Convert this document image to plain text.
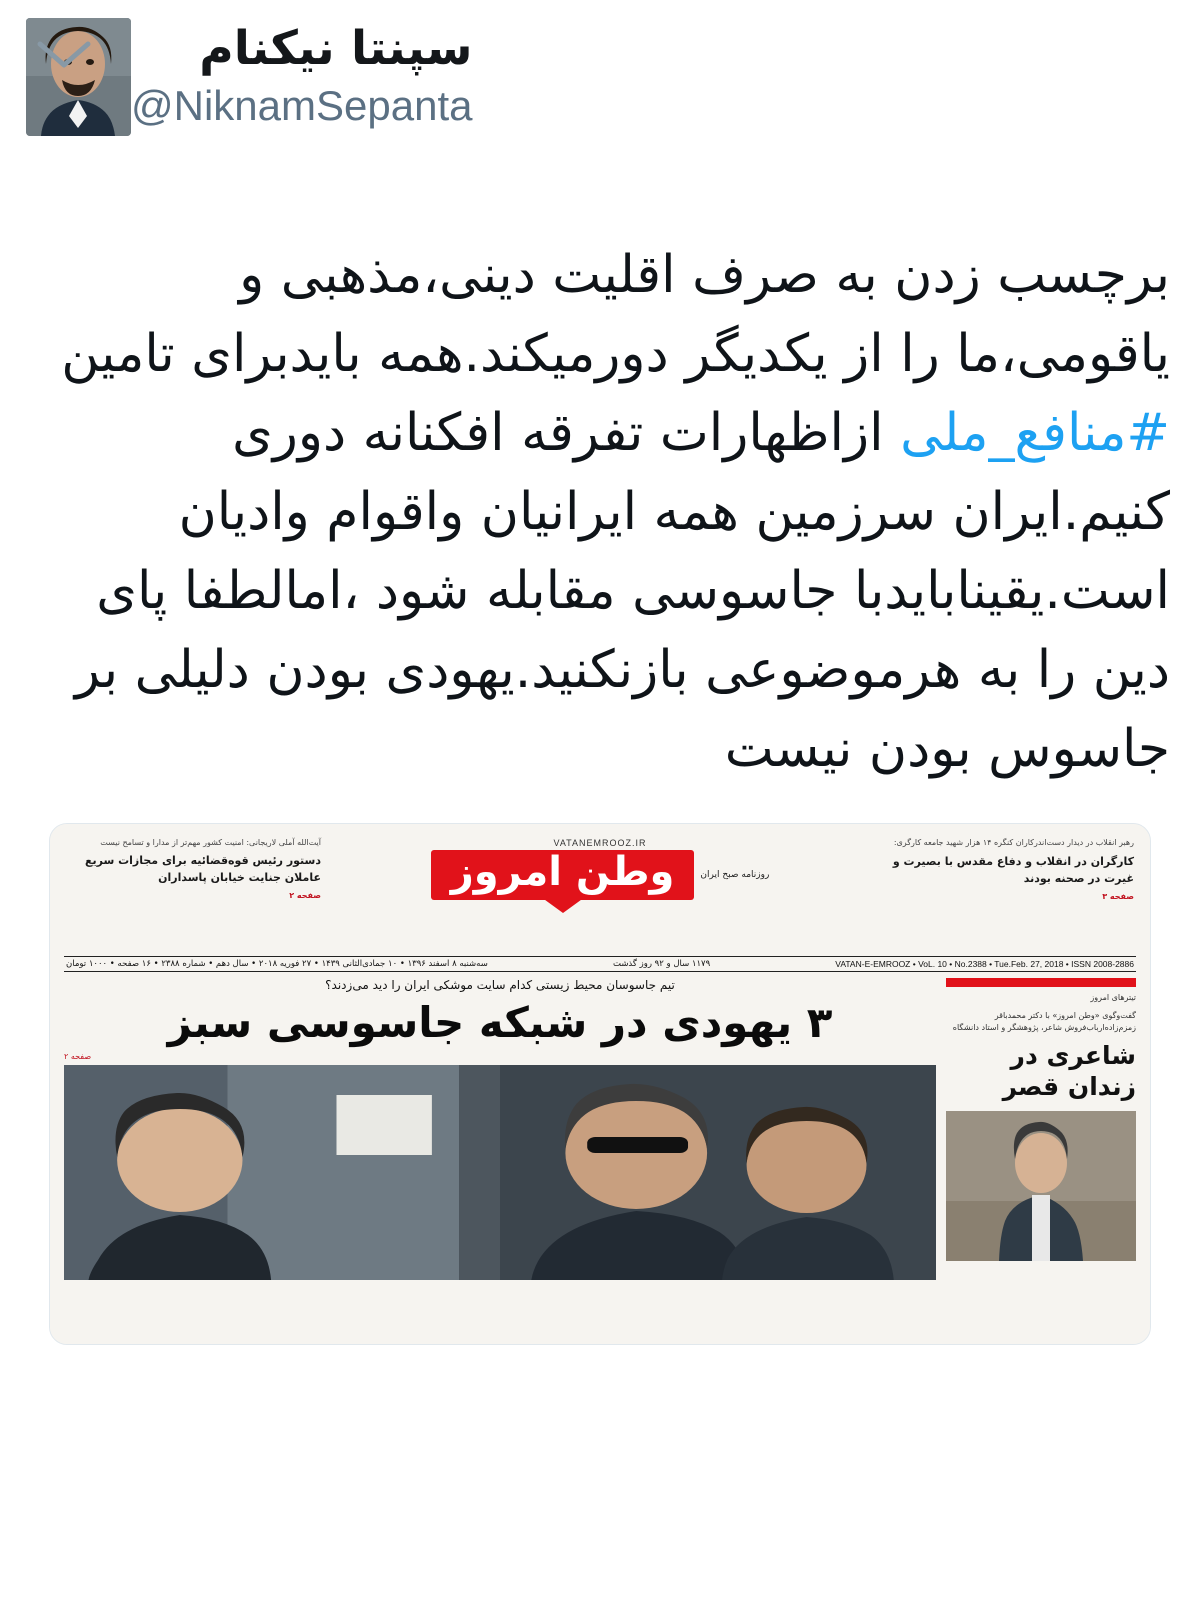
سپنتا نیکنام
@NiknamSepanta
برچسب زدن به صرف اقلیت دینی،مذهبی و یاقومی،ما را از یکدیگر دورمیکند.همه بایدبرای تامین #منافع_ملی ازاظهارات تفرقه افکنانه دوری کنیم.ایران سرزمین همه ایرانیان واقوام وادیان است.یقینابایدبا جاسوسی مقابله شود ،امالطفا پای دین را به هرموضوعی بازنکنید.یهودی بودن دلیلی بر جاسوس بودن نیست
رهبر انقلاب در دیدار دست‌اندرکاران کنگره ۱۴ هزار شهید جامعه کارگری:
کارگران در انقلاب و دفاع مقدس با بصیرت و غیرت در صحنه بودند
صفحه ۳
VATANEMROOZ.IR
روزنامه صبح ایران
وطن امروز
آیت‌الله آملی لاریجانی: امنیت کشور مهم‌تر از مدارا و تسامح نیست
دستور رئیس قوه‌قضائیه برای مجازات سریع عاملان جنایت خیابان پاسداران
صفحه ۲
VATAN-E-EMROOZ • VoL. 10 • No.2388 • Tue.Feb. 27, 2018 • ISSN 2008-2886
۱۱۷۹ سال و ۹۲ روز گذشت
سه‌شنبه ۸ اسفند ۱۳۹۶ • ۱۰ جمادی‌الثانی ۱۴۳۹ • ۲۷ فوریه ۲۰۱۸ • سال دهم • شماره ۲۳۸۸ • ۱۶ صفحه • ۱۰۰۰ تومان
تیترهای امروز
گفت‌وگوی «وطن امروز» با دکتر محمدباقر زمزم‌زاده‌ارباب‌فروش شاعر، پژوهشگر و استاد دانشگاه
شاعری در زندان قصر
تیم جاسوسان محیط زیستی کدام سایت موشکی ایران را دید می‌زدند؟
۳ یهودی در شبکه جاسوسی سبز
صفحه ۲
